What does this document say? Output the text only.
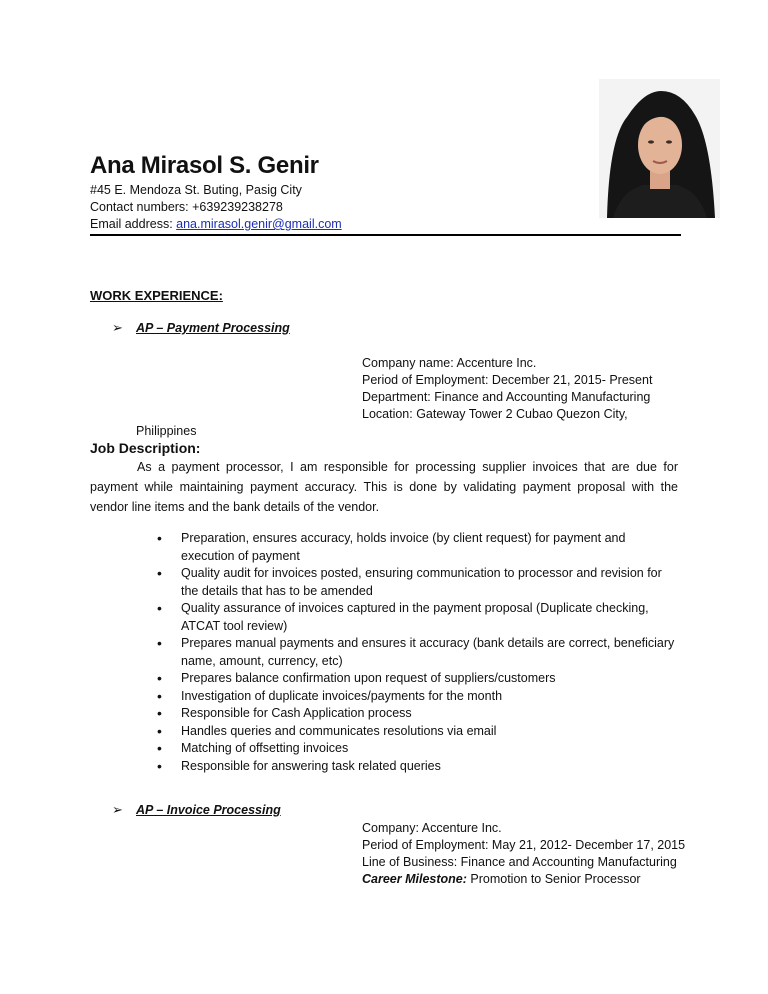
Ana Mirasol S. Genir
#45 E. Mendoza St. Buting, Pasig City
Contact numbers: +639239238278
Email address: ana.mirasol.genir@gmail.com
WORK EXPERIENCE:
➢ AP – Payment Processing
Company name: Accenture Inc.
Period of Employment: December 21, 2015- Present
Department: Finance and Accounting Manufacturing
Location: Gateway Tower 2 Cubao Quezon City,
Philippines
Job Description:
As a payment processor, I am responsible for processing supplier invoices that are due for payment while maintaining payment accuracy. This is done by validating payment proposal with the vendor line items and the bank details of the vendor.
• Preparation, ensures accuracy, holds invoice (by client request) for payment and execution of payment
• Quality audit for invoices posted, ensuring communication to processor and revision for the details that has to be amended
• Quality assurance of invoices captured in the payment proposal (Duplicate checking, ATCAT tool review)
• Prepares manual payments and ensures it accuracy (bank details are correct, beneficiary name, amount, currency, etc)
• Prepares balance confirmation upon request of suppliers/customers
• Investigation of duplicate invoices/payments for the month
• Responsible for Cash Application process
• Handles queries and communicates resolutions via email
• Matching of offsetting invoices
• Responsible for answering task related queries
➢ AP – Invoice Processing
Company: Accenture Inc.
Period of Employment: May 21, 2012- December 17, 2015
Line of Business: Finance and Accounting Manufacturing
Career Milestone: Promotion to Senior Processor
